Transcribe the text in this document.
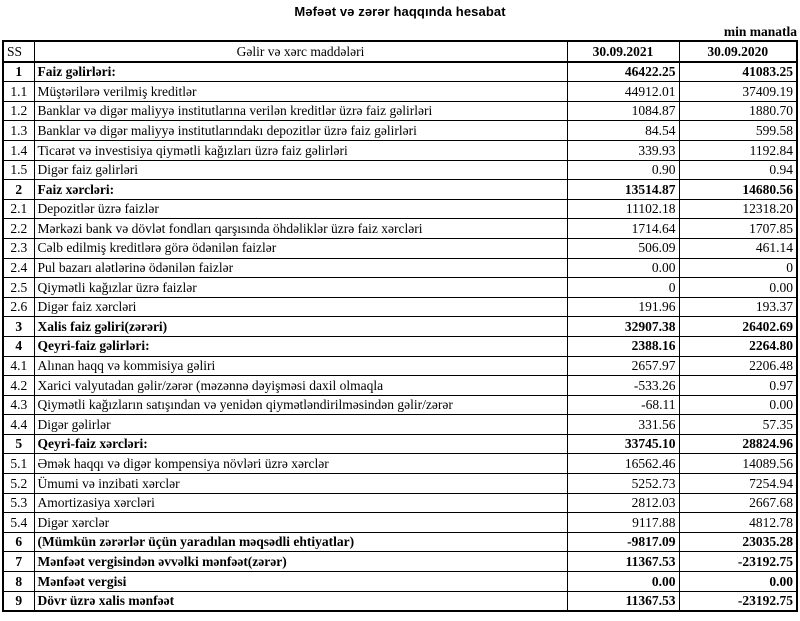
Məfəət və zərər haqqında hesabat
min manatla
SS	Gəlir və xərc maddələri	30.09.2021	30.09.2020
1	Faiz gəlirləri:	46422.25	41083.25
1.1	Müştərilərə verilmiş kreditlər	44912.01	37409.19
1.2	Banklar və digər maliyyə institutlarına verilən kreditlər üzrə faiz gəlirləri	1084.87	1880.70
1.3	Banklar və digər maliyyə institutlarındakı depozitlər üzrə faiz gəlirləri	84.54	599.58
1.4	Ticarət və investisiya qiymətli kağızları üzrə faiz gəlirləri	339.93	1192.84
1.5	Digər faiz gəlirləri	0.90	0.94
2	Faiz xərcləri:	13514.87	14680.56
2.1	Depozitlər üzrə faizlər	11102.18	12318.20
2.2	Mərkəzi bank və dövlət fondları qarşısında öhdəliklər üzrə faiz xərcləri	1714.64	1707.85
2.3	Cəlb edilmiş kreditlərə görə ödənilən faizlər	506.09	461.14
2.4	Pul bazarı alətlərinə ödənilən faizlər	0.00	0
2.5	Qiymətli kağızlar üzrə faizlər	0	0.00
2.6	Digər faiz xərcləri	191.96	193.37
3	Xalis faiz gəliri(zərəri)	32907.38	26402.69
4	Qeyri-faiz gəlirləri:	2388.16	2264.80
4.1	Alınan haqq və kommisiya gəliri	2657.97	2206.48
4.2	Xarici valyutadan gəlir/zərər (məzənnə dəyişməsi daxil olmaqla	-533.26	0.97
4.3	Qiymətli kağızların satışından və yenidən qiymətləndirilməsindən gəlir/zərər	-68.11	0.00
4.4	Digər gəlirlər	331.56	57.35
5	Qeyri-faiz xərcləri:	33745.10	28824.96
5.1	Əmək haqqı və digər kompensiya növləri üzrə xərclər	16562.46	14089.56
5.2	Ümumi və inzibati xərclər	5252.73	7254.94
5.3	Amortizasiya xərcləri	2812.03	2667.68
5.4	Digər xərclər	9117.88	4812.78
6	(Mümkün zərərlər üçün yaradılan məqsədli ehtiyatlar)	-9817.09	23035.28
7	Mənfəət vergisindən əvvəlki mənfəət(zərər)	11367.53	-23192.75
8	Mənfəət vergisi	0.00	0.00
9	Dövr üzrə xalis mənfəət	11367.53	-23192.75
